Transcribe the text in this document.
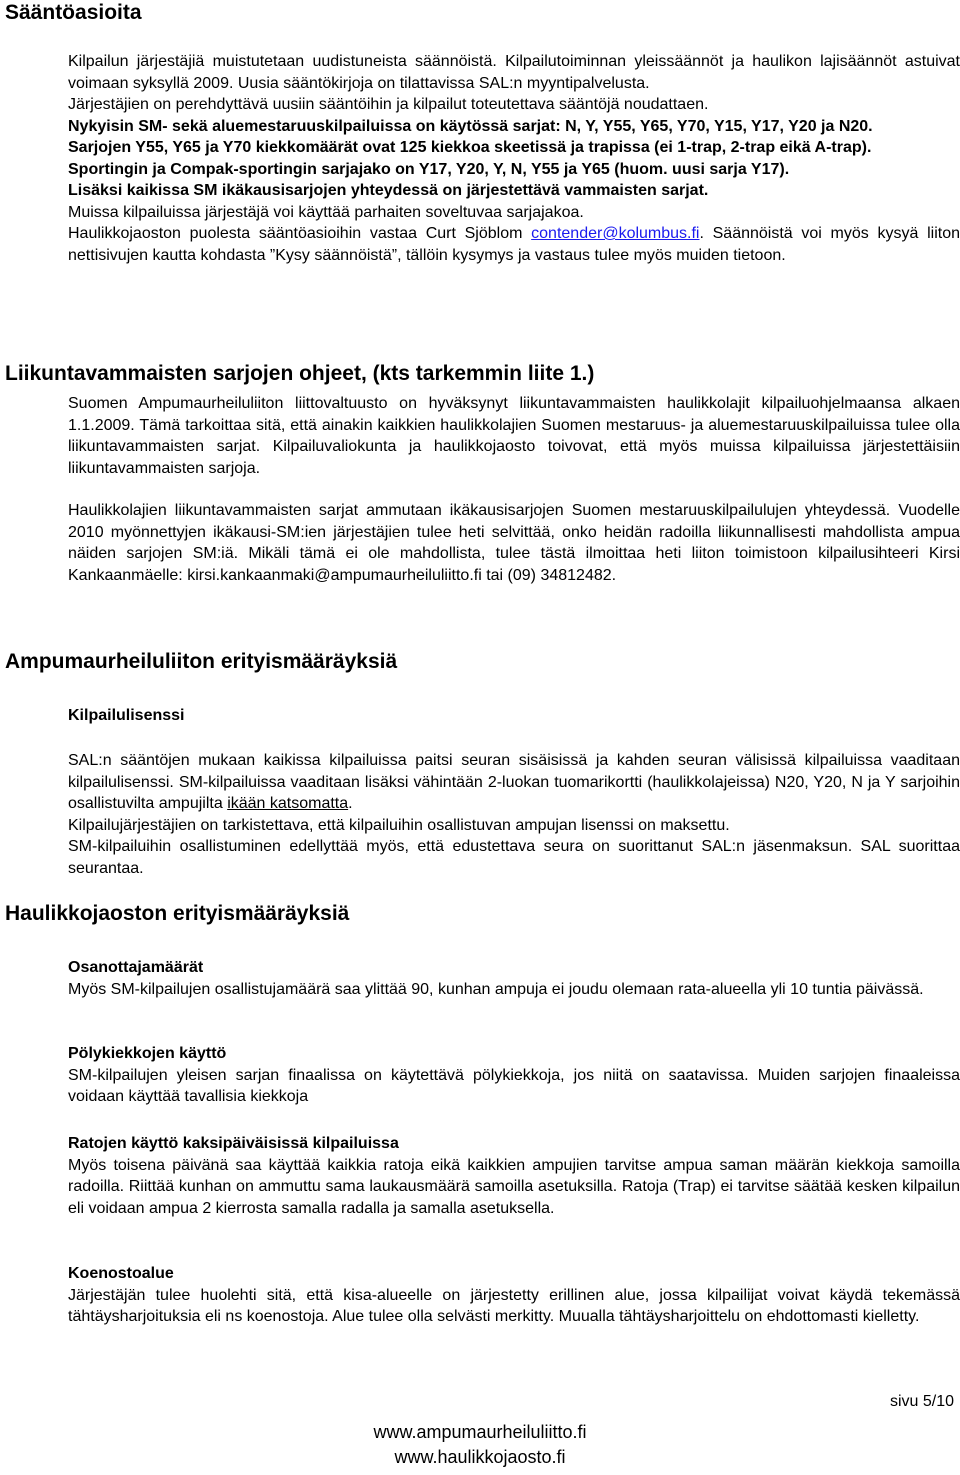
Sääntöasioita

Kilpailun järjestäjiä muistutetaan uudistuneista säännöistä. Kilpailutoiminnan yleissäännöt ja haulikon lajisäännöt astuivat voimaan syksyllä 2009. Uusia sääntökirjoja on tilattavissa SAL:n myyntipalvelusta.

Järjestäjien on perehdyttävä uusiin sääntöihin ja kilpailut toteutettava sääntöjä noudattaen.

Nykyisin SM- sekä aluemestaruuskilpailuissa on käytössä sarjat: N, Y, Y55, Y65, Y70, Y15, Y17, Y20 ja N20.

Sarjojen Y55, Y65 ja Y70 kiekkomäärät ovat 125 kiekkoa skeetissä ja trapissa (ei 1-trap, 2-trap eikä A-trap).

Sportingin ja Compak-sportingin sarjajako on Y17, Y20, Y, N, Y55 ja Y65 (huom. uusi sarja Y17).

Lisäksi kaikissa SM ikäkausisarjojen yhteydessä on järjestettävä vammaisten sarjat.

Muissa kilpailuissa järjestäjä voi käyttää parhaiten soveltuvaa sarjajakoa.

Haulikkojaoston puolesta sääntöasioihin vastaa Curt Sjöblom contender@kolumbus.fi. Säännöistä voi myös kysyä liiton nettisivujen kautta kohdasta ”Kysy säännöistä”, tällöin kysymys ja vastaus tulee myös muiden tietoon.

Liikuntavammaisten sarjojen ohjeet, (kts tarkemmin liite 1.)

Suomen Ampumaurheiluliiton liittovaltuusto on hyväksynyt liikuntavammaisten haulikkolajit kilpailuohjelmaansa alkaen 1.1.2009. Tämä tarkoittaa sitä, että ainakin kaikkien haulikkolajien Suomen mestaruus- ja aluemestaruuskilpailuissa tulee olla liikuntavammaisten sarjat. Kilpailuvaliokunta ja haulikkojaosto toivovat, että myös muissa kilpailuissa järjestettäisiin liikuntavammaisten sarjoja.

Haulikkolajien liikuntavammaisten sarjat ammutaan ikäkausisarjojen Suomen mestaruuskilpailulujen yhteydessä. Vuodelle 2010 myönnettyjen ikäkausi-SM:ien järjestäjien tulee heti selvittää, onko heidän radoilla liikunnallisesti mahdollista ampua näiden sarjojen SM:iä. Mikäli tämä ei ole mahdollista, tulee tästä ilmoittaa heti liiton toimistoon kilpailusihteeri Kirsi Kankaanmäelle: kirsi.kankaanmaki@ampumaurheiluliitto.fi tai (09) 34812482.

Ampumaurheiluliiton erityismääräyksiä

Kilpailulisenssi

SAL:n sääntöjen mukaan kaikissa kilpailuissa paitsi seuran sisäisissä ja kahden seuran välisissä kilpailuissa vaaditaan kilpailulisenssi. SM-kilpailuissa vaaditaan lisäksi vähintään 2-luokan tuomarikortti (haulikkolajeissa) N20, Y20, N ja Y sarjoihin osallistuvilta ampujilta ikään katsomatta.

Kilpailujärjestäjien on tarkistettava, että kilpailuihin osallistuvan ampujan lisenssi on maksettu.

SM-kilpailuihin osallistuminen edellyttää myös, että edustettava seura on suorittanut SAL:n jäsenmaksun. SAL suorittaa seurantaa.

Haulikkojaoston erityismääräyksiä

Osanottajamäärät

Myös SM-kilpailujen osallistujamäärä saa ylittää 90, kunhan ampuja ei joudu olemaan rata-alueella yli 10 tuntia päivässä.

Pölykiekkojen käyttö

SM-kilpailujen yleisen sarjan finaalissa on käytettävä pölykiekkoja, jos niitä on saatavissa. Muiden sarjojen finaaleissa voidaan käyttää tavallisia kiekkoja

Ratojen käyttö kaksipäiväisissä kilpailuissa

Myös toisena päivänä saa käyttää kaikkia ratoja eikä kaikkien ampujien tarvitse ampua saman määrän kiekkoja samoilla radoilla. Riittää kunhan on ammuttu sama laukausmäärä samoilla asetuksilla. Ratoja (Trap) ei tarvitse säätää kesken kilpailun eli voidaan ampua 2 kierrosta samalla radalla ja samalla asetuksella.

Koenostoalue

Järjestäjän tulee huolehti sitä, että kisa-alueelle on järjestetty erillinen alue, jossa kilpailijat voivat käydä tekemässä tähtäysharjoituksia eli ns koenostoja. Alue tulee olla selvästi merkitty. Muualla tähtäysharjoittelu on ehdottomasti kielletty.

sivu 5/10
www.ampumaurheiluliitto.fi
www.haulikkojaosto.fi
